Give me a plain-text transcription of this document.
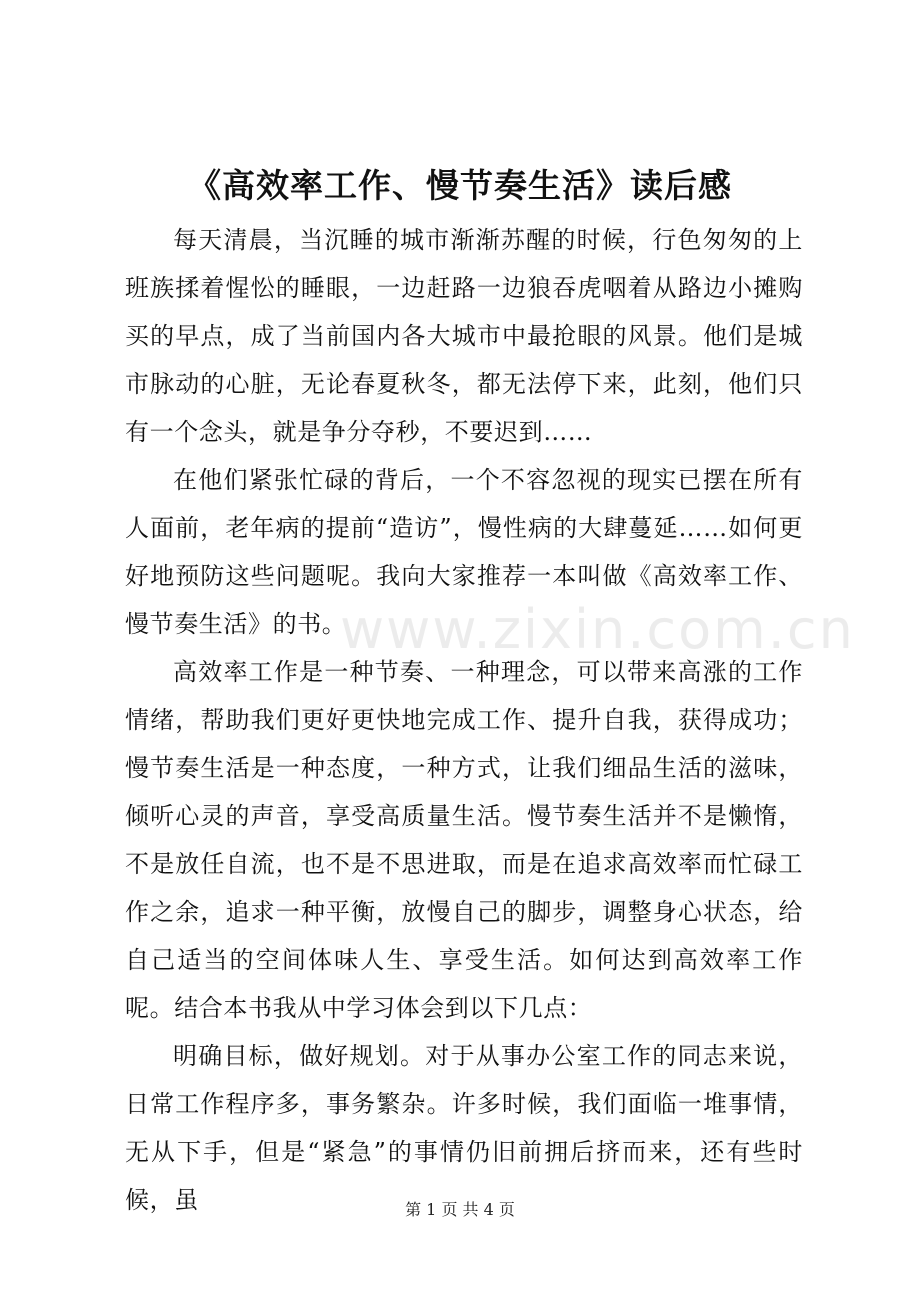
《高效率工作、慢节奏生活》读后感
www.zixin.com.cn

每天清晨，当沉睡的城市渐渐苏醒的时候，行色匆匆的上班族揉着惺忪的睡眼，一边赶路一边狼吞虎咽着从路边小摊购买的早点，成了当前国内各大城市中最抢眼的风景。他们是城市脉动的心脏，无论春夏秋冬，都无法停下来，此刻，他们只有一个念头，就是争分夺秒，不要迟到……

在他们紧张忙碌的背后，一个不容忽视的现实已摆在所有人面前，老年病的提前“造访”，慢性病的大肆蔓延……如何更好地预防这些问题呢。我向大家推荐一本叫做《高效率工作、慢节奏生活》的书。

高效率工作是一种节奏、一种理念，可以带来高涨的工作情绪，帮助我们更好更快地完成工作、提升自我，获得成功；慢节奏生活是一种态度，一种方式，让我们细品生活的滋味，倾听心灵的声音，享受高质量生活。慢节奏生活并不是懒惰，不是放任自流，也不是不思进取，而是在追求高效率而忙碌工作之余，追求一种平衡，放慢自己的脚步，调整身心状态，给自己适当的空间体味人生、享受生活。如何达到高效率工作呢。结合本书我从中学习体会到以下几点：

明确目标，做好规划。对于从事办公室工作的同志来说，日常工作程序多，事务繁杂。许多时候，我们面临一堆事情，无从下手，但是“紧急”的事情仍旧前拥后挤而来，还有些时候，虽	第 1 页 共 4 页
